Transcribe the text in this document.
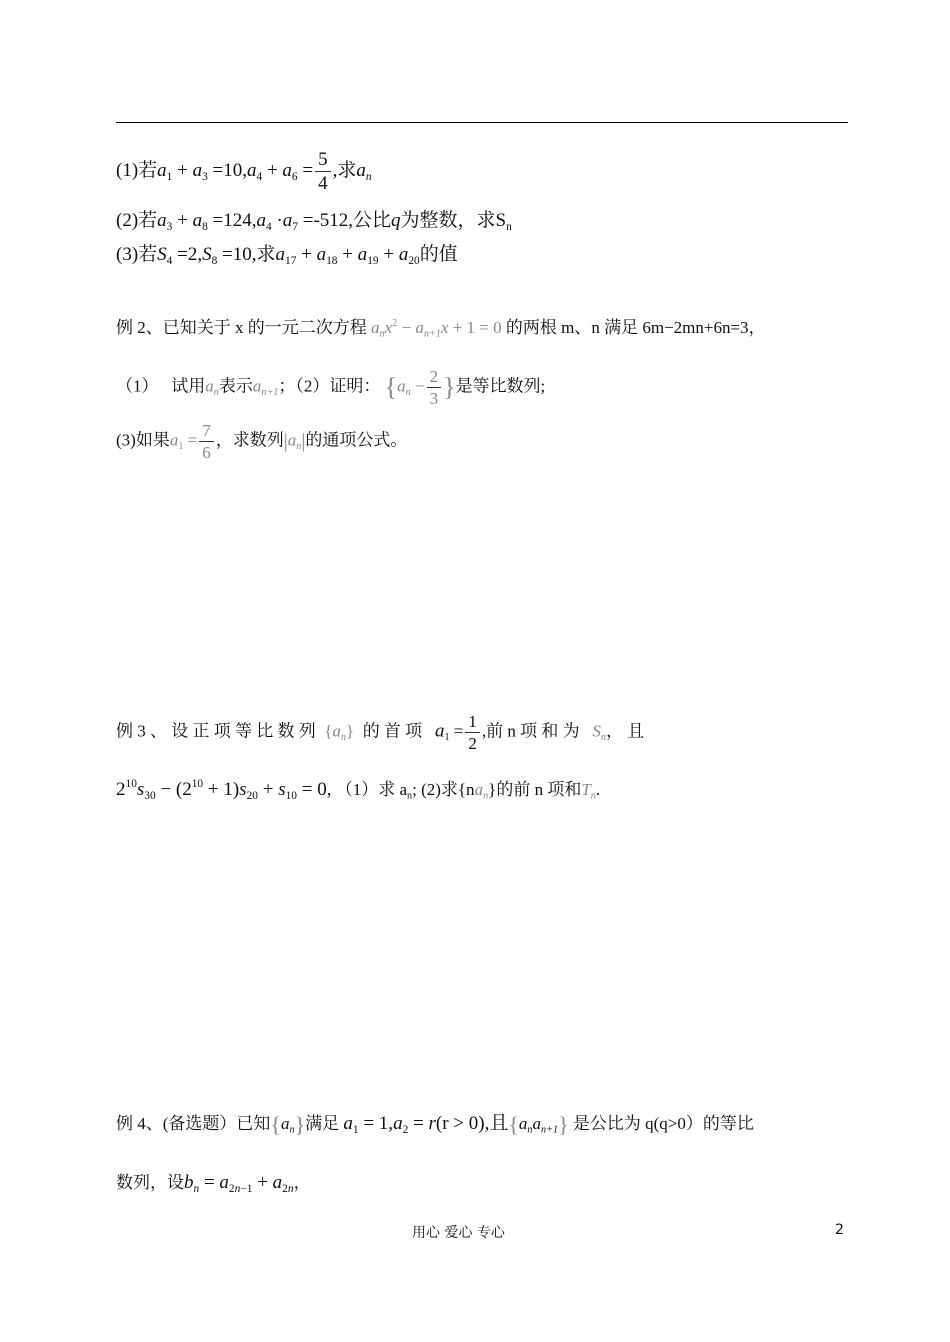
(1)若$a_1 + a_3 =10,a_4 + a_6 = \frac{5}{4}$ ,求$a_n$
(2)若$a_3 + a_8 =124,a_4 \cdot a_7 =-512$,公比q为整数，求$S_n$
(3)若$S_4 =2,S_8 =10$,求$a_{17} + a_{18} + a_{19} + a_{20}$的值
例 2、已知关于 x 的一元二次方程 $a_nx^2 - a_{n+1}x + 1 = 0$ 的两根 m、n 满足 6m−2mn+6n=3，
（1） 试用$a_n$表示$a_{n+1}$；（2）证明： {$a_n - \frac{2}{3}$ }是等比数列;
(3)如果$a_1 = \frac{7}{6}$ ，求数列$|a_n|$的通项公式。
例 3 、 设 正 项 等 比 数 列 $\{a_n\}$ 的 首 项 $a_1 = \frac{1}{2}$ ,前 n 项 和 为 $S_n$， 且
$2^{10}s_{30} - (2^{10} + 1)s_{20} + s_{10} = 0$, （1）求 $a_n$; (2)求$\{na_n\}$的前 n 项和$T_n$.
例 4、(备选题）已知$\{a_n\}$满足 $a_1 = 1,a_2 = r(r > 0)$,且$\{a_na_{n+1}\}$ 是公比为 q(q>0）的等比
数列，设$b_n = a_{2n-1} + a_{2n}$，
用心 爱心 专心	2
